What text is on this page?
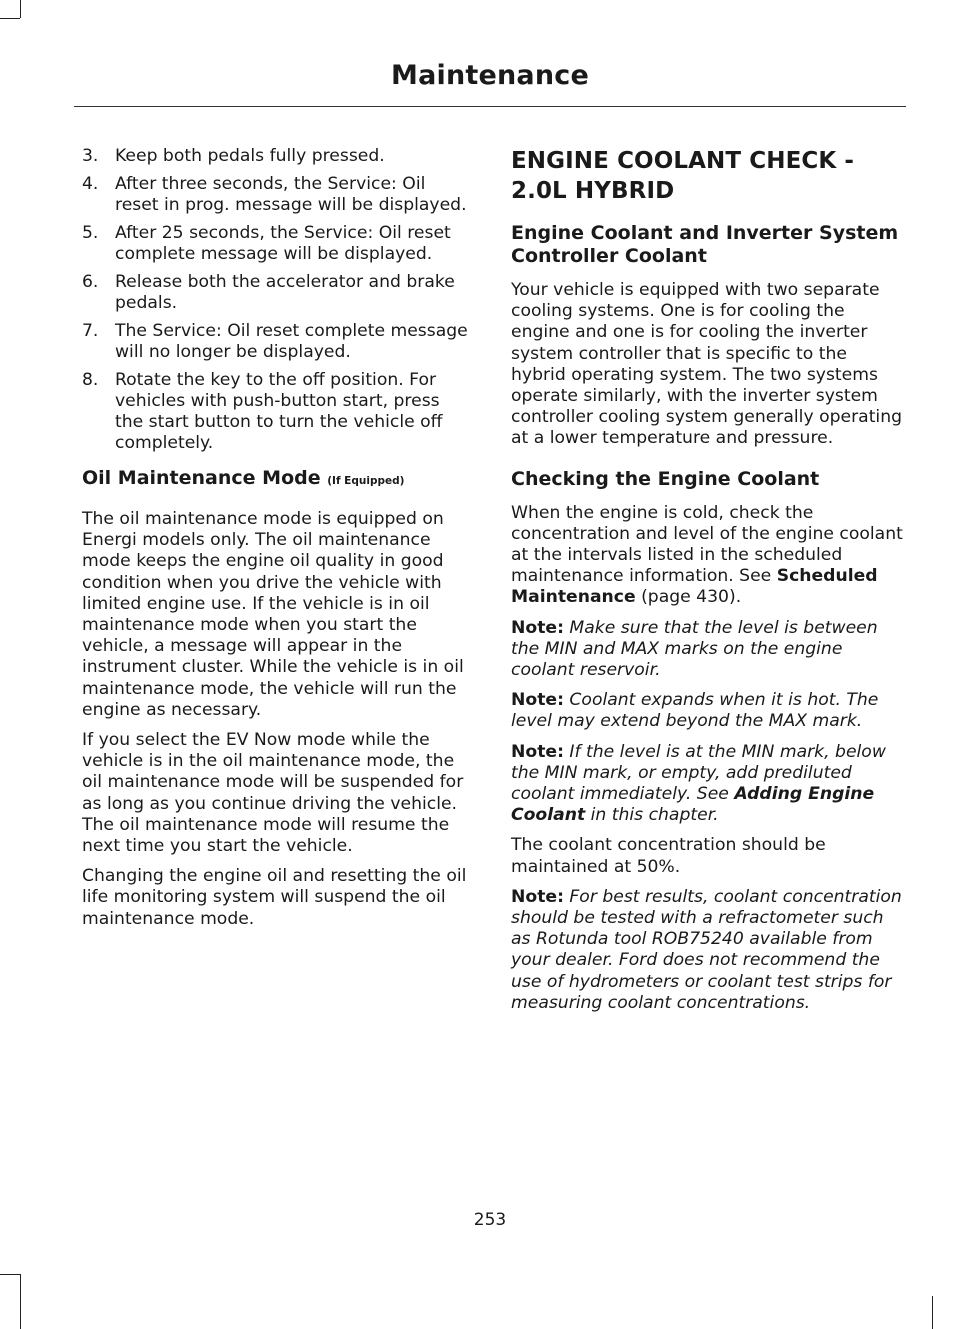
Maintenance
3. Keep both pedals fully pressed.
4. After three seconds, the Service: Oil reset in prog. message will be displayed.
5. After 25 seconds, the Service: Oil reset complete message will be displayed.
6. Release both the accelerator and brake pedals.
7. The Service: Oil reset complete message will no longer be displayed.
8. Rotate the key to the off position. For vehicles with push-button start, press the start button to turn the vehicle off completely.
Oil Maintenance Mode (If Equipped)

The oil maintenance mode is equipped on Energi models only. The oil maintenance mode keeps the engine oil quality in good condition when you drive the vehicle with limited engine use. If the vehicle is in oil maintenance mode when you start the vehicle, a message will appear in the instrument cluster. While the vehicle is in oil maintenance mode, the vehicle will run the engine as necessary.

If you select the EV Now mode while the vehicle is in the oil maintenance mode, the oil maintenance mode will be suspended for as long as you continue driving the vehicle. The oil maintenance mode will resume the next time you start the vehicle.

Changing the engine oil and resetting the oil life monitoring system will suspend the oil maintenance mode.

ENGINE COOLANT CHECK - 2.0L HYBRID
Engine Coolant and Inverter System Controller Coolant

Your vehicle is equipped with two separate cooling systems. One is for cooling the engine and one is for cooling the inverter system controller that is specific to the hybrid operating system. The two systems operate similarly, with the inverter system controller cooling system generally operating at a lower temperature and pressure.

Checking the Engine Coolant

When the engine is cold, check the concentration and level of the engine coolant at the intervals listed in the scheduled maintenance information. See Scheduled Maintenance (page 430).

Note: Make sure that the level is between the MIN and MAX marks on the engine coolant reservoir.

Note: Coolant expands when it is hot. The level may extend beyond the MAX mark.

Note: If the level is at the MIN mark, below the MIN mark, or empty, add prediluted coolant immediately. See Adding Engine Coolant in this chapter.

The coolant concentration should be maintained at 50%.

Note: For best results, coolant concentration should be tested with a refractometer such as Rotunda tool ROB75240 available from your dealer. Ford does not recommend the use of hydrometers or coolant test strips for measuring coolant concentrations.

253
